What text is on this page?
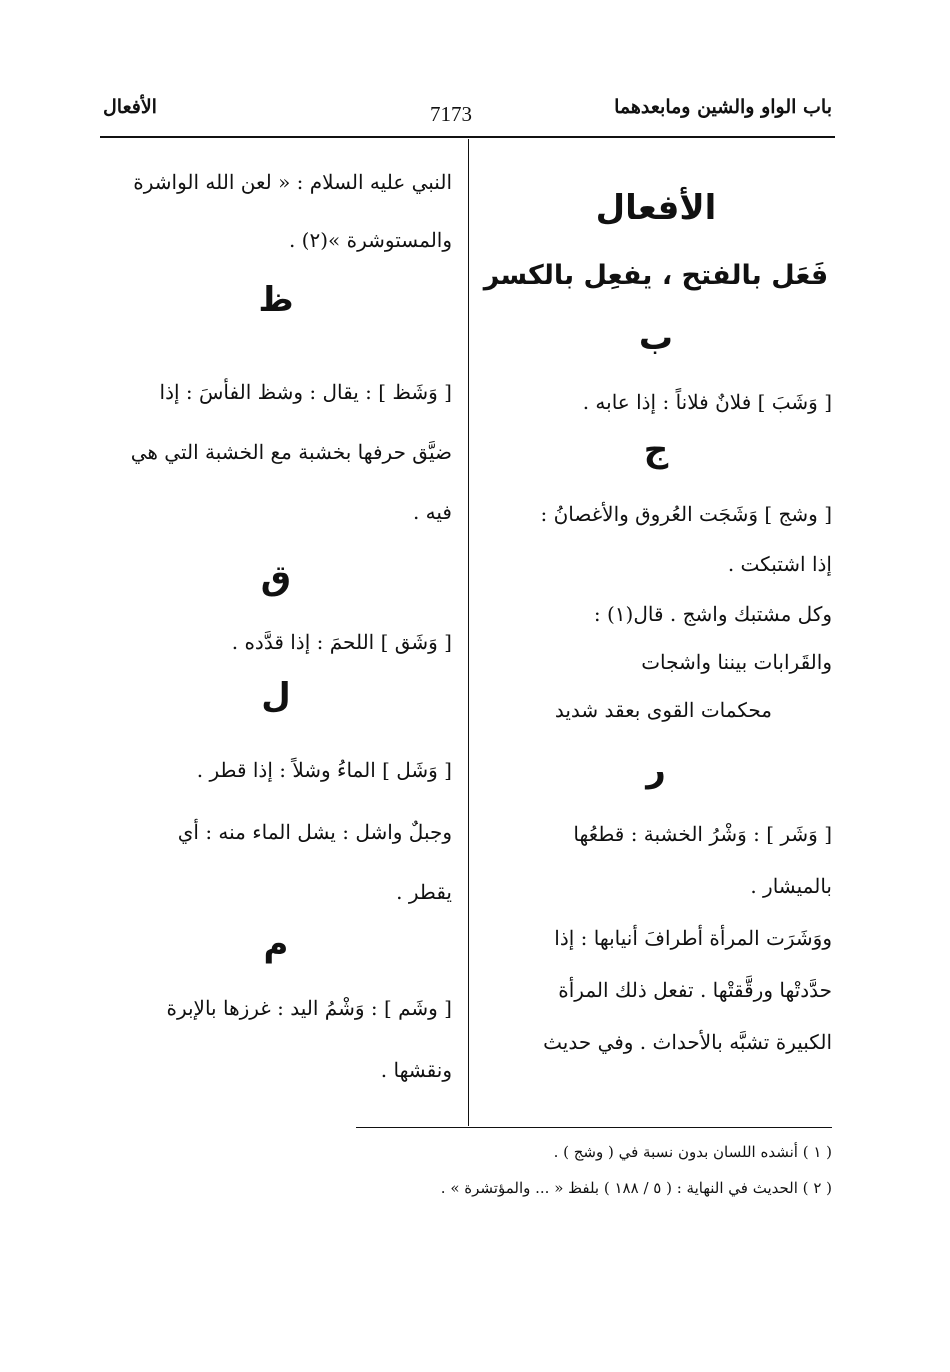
باب الواو والشين ومابعدهما
7173
الأفعال

الأفعال

فَعَل بالفتح ، يفعِل بالكسر

ب

[ وَشَبَ ] فلانٌ فلاناً : إذا عابه .

ج

[ وشج ] وَشَجَت العُروق والأغصانُ :

إذا اشتبكت .

وكل مشتبك واشج . قال(١) :

والقَرابات بيننا واشجات

محكمات القوى بعقد شديد

ر

[ وَشَر ] : وَشْرُ الخشبة : قطعُها

بالميشار .

ووَشَرَت المرأة أطرافَ أنيابها : إذا

حدَّدتْها ورقَّقتْها . تفعل ذلك المرأة

الكبيرة تشبَّه بالأحداث . وفي حديث

النبي عليه السلام : « لعن الله الواشرة

والمستوشرة »(٢) .

ظ

[ وَشَظ ] : يقال : وشظ الفأسَ : إذا

ضيَّق حرفها بخشبة مع الخشبة التي هي

فيه .

ق

[ وَشَق ] اللحمَ : إذا قدَّده .

ل

[ وَشَل ] الماءُ وشلاً : إذا قطر .

وجبلٌ واشل : يشل الماء منه : أي

يقطر .

م

[ وشَم ] : وَشْمُ اليد : غرزها بالإبرة

ونقشها .

( ١ ) أنشده اللسان بدون نسبة في ( وشج ) .
( ٢ ) الحديث في النهاية : ( ٥ / ١٨٨ ) بلفظ « ... والمؤتشرة » .
